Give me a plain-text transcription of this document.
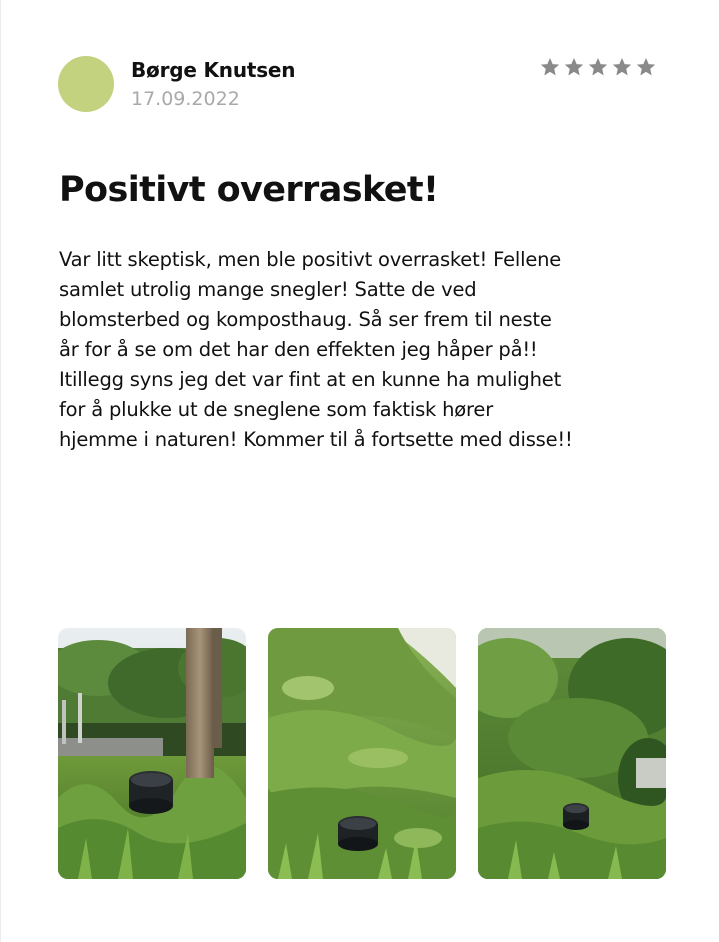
Børge Knutsen
17.09.2022
Positivt overrasket!

Var litt skeptisk, men ble positivt overrasket! Fellene
samlet utrolig mange snegler! Satte de ved
blomsterbed og komposthaug. Så ser frem til neste
år for å se om det har den effekten jeg håper på!!
Itillegg syns jeg det var fint at en kunne ha mulighet
for å plukke ut de sneglene som faktisk hører
hjemme i naturen! Kommer til å fortsette med disse!!
